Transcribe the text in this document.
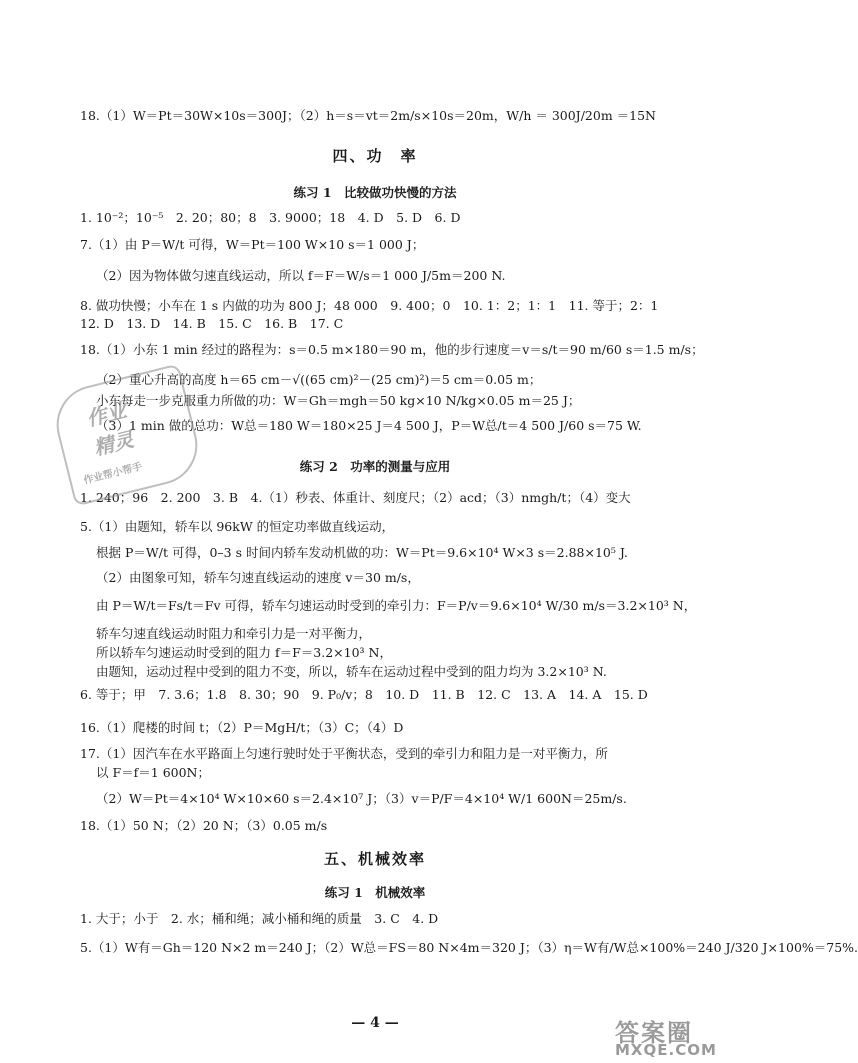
18.（1）W＝Pt＝30W×10s＝300J；（2）h＝s＝vt＝2m/s×10s＝20m，W/h ＝ 300J/20m ＝15N
四、功　率
练习 1　比较做功快慢的方法
1. 10⁻²；10⁻⁵　2. 20；80；8　3. 9000；18　4. D　5. D　6. D
7.（1）由 P＝W/t 可得，W＝Pt＝100 W×10 s＝1 000 J；
（2）因为物体做匀速直线运动，所以 f＝F＝W/s＝1 000 J/5m＝200 N.
8. 做功快慢；小车在 1 s 内做的功为 800 J；48 000　9. 400；0　10. 1：2；1：1　11. 等于；2：1
12. D　13. D　14. B　15. C　16. B　17. C
18.（1）小东 1 min 经过的路程为：s＝0.5 m×180＝90 m，他的步行速度＝v＝s/t＝90 m/60 s＝1.5 m/s；
（2）重心升高的高度 h＝65 cm－√((65 cm)²－(25 cm)²)＝5 cm＝0.05 m；
小东每走一步克服重力所做的功：W＝Gh＝mgh＝50 kg×10 N/kg×0.05 m＝25 J；
（3）1 min 做的总功：W总＝180 W＝180×25 J＝4 500 J，P＝W总/t＝4 500 J/60 s＝75 W.
练习 2　功率的测量与应用
1. 240；96　2. 200　3. B　4.（1）秒表、体重计、刻度尺；（2）acd；（3）nmgh/t；（4）变大
5.（1）由题知，轿车以 96kW 的恒定功率做直线运动，
根据 P＝W/t 可得，0–3 s 时间内轿车发动机做的功：W＝Pt＝9.6×10⁴ W×3 s＝2.88×10⁵ J.
（2）由图象可知，轿车匀速直线运动的速度 v＝30 m/s，
由 P＝W/t＝Fs/t＝Fv 可得，轿车匀速运动时受到的牵引力：F＝P/v＝9.6×10⁴ W/30 m/s＝3.2×10³ N，
轿车匀速直线运动时阻力和牵引力是一对平衡力，
所以轿车匀速运动时受到的阻力 f＝F＝3.2×10³ N，
由题知，运动过程中受到的阻力不变，所以，轿车在运动过程中受到的阻力均为 3.2×10³ N.
6. 等于；甲　7. 3.6；1.8　8. 30；90　9. P₀/v；8　10. D　11. B　12. C　13. A　14. A　15. D
16.（1）爬楼的时间 t；（2）P＝MgH/t；（3）C；（4）D
17.（1）因汽车在水平路面上匀速行驶时处于平衡状态，受到的牵引力和阻力是一对平衡力，所
以 F＝f＝1 600N；
（2）W＝Pt＝4×10⁴ W×10×60 s＝2.4×10⁷ J；（3）v＝P/F＝4×10⁴ W/1 600N＝25m/s.
18.（1）50 N；（2）20 N；（3）0.05 m/s
五、机械效率
练习 1　机械效率
1. 大于；小于　2. 水；桶和绳；减小桶和绳的质量　3. C　4. D
5.（1）W有＝Gh＝120 N×2 m＝240 J；（2）W总＝FS＝80 N×4m＝320 J；（3）η＝W有/W总×100%＝240 J/320 J×100%＝75%.
— 4 —
作业
精灵
作业帮小帮手
答案圈
MXQE.COM
